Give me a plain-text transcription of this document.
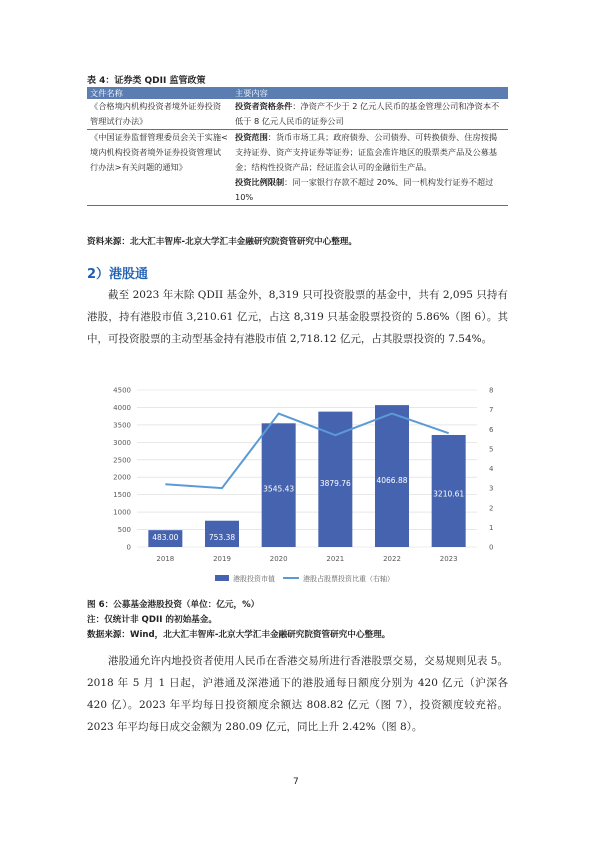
表 4：证券类 QDII 监管政策
文件名称	主要内容
《合格境内机构投资者境外证券投资管理试行办法》	投资者资格条件：净资产不少于 2 亿元人民币的基金管理公司和净资本不低于 8 亿元人民币的证券公司
《中国证券监督管理委员会关于实施<境内机构投资者境外证券投资管理试行办法>有关问题的通知》	投资范围：货币市场工具；政府债券、公司债券、可转换债券、住房按揭支持证券、资产支持证券等证券；证监会准许地区的股票类产品及公募基金；结构性投资产品；经证监会认可的金融衍生产品。
投资比例限制：同一家银行存款不超过 20%、同一机构发行证券不超过 10%
资料来源：北大汇丰智库-北京大学汇丰金融研究院资管研究中心整理。
2）港股通
截至 2023 年末除 QDII 基金外，8,319 只可投资股票的基金中，共有 2,095 只持有港股，持有港股市值 3,210.61 亿元，占这 8,319 只基金股票投资的 5.86%（图 6）。其中，可投资股票的主动型基金持有港股市值 2,718.12 亿元，占其股票投资的 7.54%。
0
500
1000
1500
2000
2500
3000
3500
4000
4500
0
1
2
3
4
5
6
7
8
483.00	753.38
3545.43
3879.76	4066.88
3210.61
2018	2019	2020	2021	2022	2023
港股投资市值	港股占股票投资比重（右轴）
图 6：公募基金港股投资（单位：亿元，%）
注：仅统计非 QDII 的初始基金。
数据来源：Wind，北大汇丰智库-北京大学汇丰金融研究院资管研究中心整理。
港股通允许内地投资者使用人民币在香港交易所进行香港股票交易，交易规则见表 5。2018 年 5 月 1 日起，沪港通及深港通下的港股通每日额度分别为 420 亿元（沪深各 420 亿）。2023 年平均每日投资额度余额达 808.82 亿元（图 7），投资额度较充裕。2023 年平均每日成交金额为 280.09 亿元，同比上升 2.42%（图 8）。
7
